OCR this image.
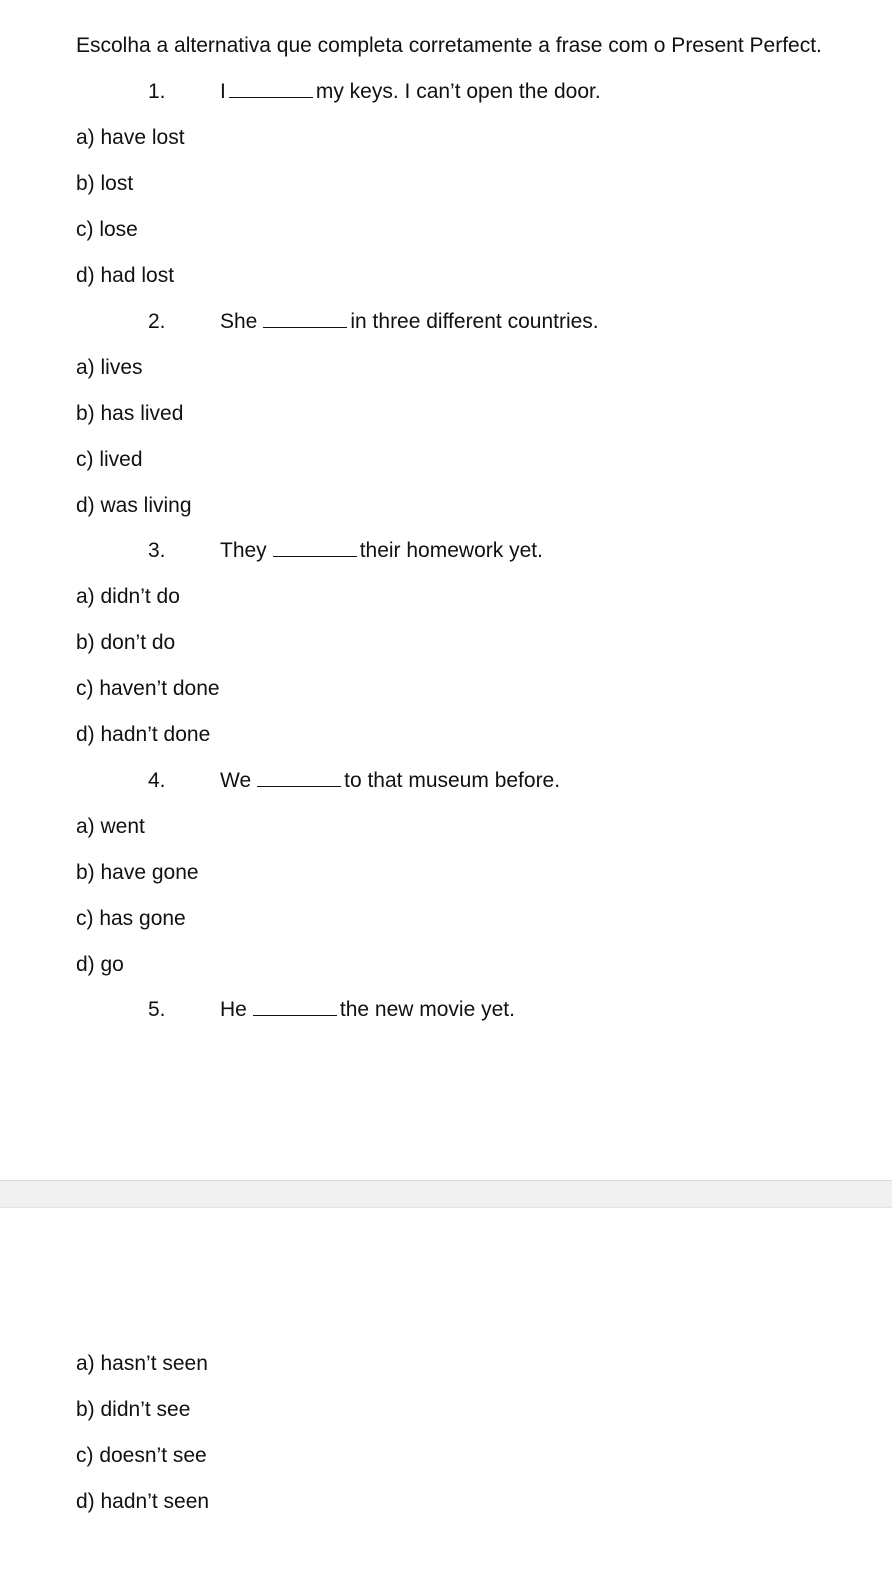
Escolha a alternativa que completa corretamente a frase com o Present Perfect.
1.	I	my keys. I can’t open the door.
a) have lost
b) lost
c) lose
d) had lost
2.	She	in three different countries.
a) lives
b) has lived
c) lived
d) was living
3.	They	their homework yet.
a) didn’t do
b) don’t do
c) haven’t done
d) hadn’t done
4.	We	to that museum before.
a) went
b) have gone
c) has gone
d) go
5.	He	the new movie yet.
a) hasn’t seen
b) didn’t see
c) doesn’t see
d) hadn’t seen
